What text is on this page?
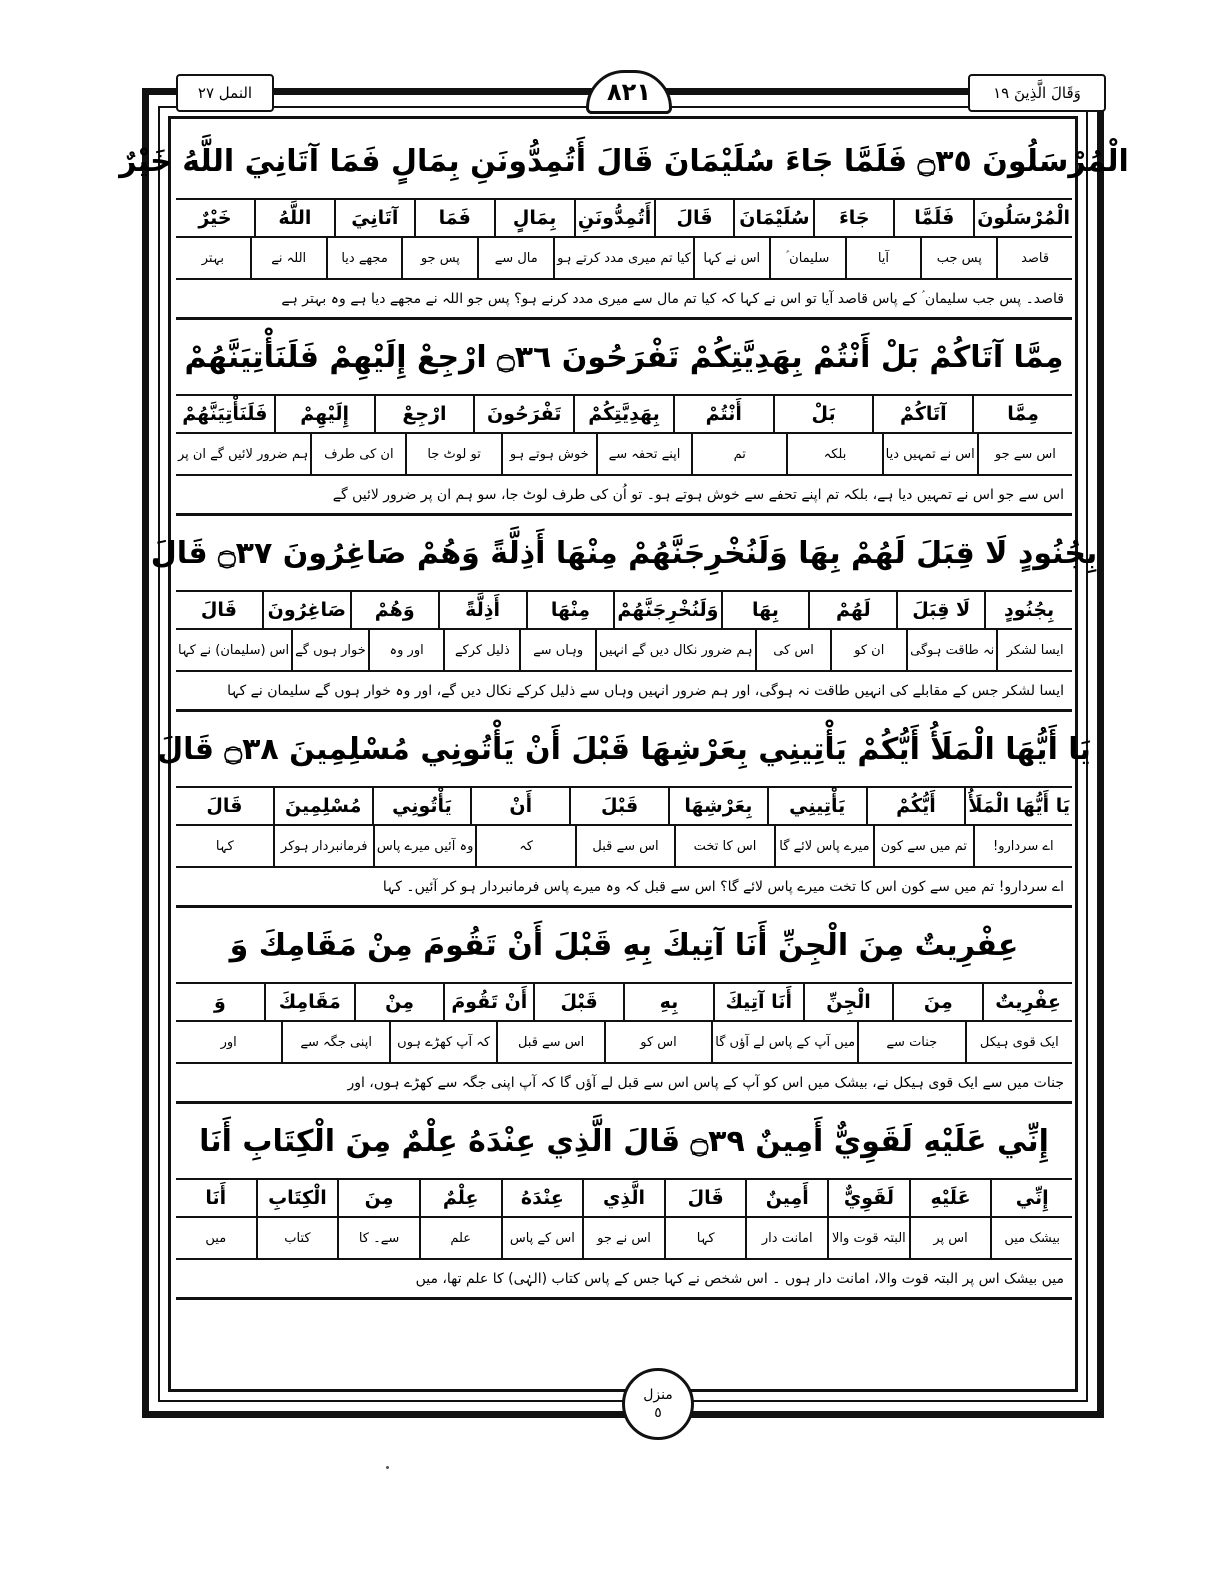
وَقَالَ الَّذِينَ ١٩
النمل ٢٧	٨٢١
الْمُرْسَلُونَ ۝٣٥ فَلَمَّا جَاءَ سُلَيْمَانَ قَالَ أَتُمِدُّونَنِ بِمَالٍ فَمَا آتَانِيَ اللَّهُ خَيْرٌ
الْمُرْسَلُونَ
فَلَمَّا
جَاءَ
سُلَيْمَانَ
قَالَ
أَتُمِدُّونَنِ
بِمَالٍ
فَمَا
آتَانِيَ
اللَّهُ
خَيْرٌ
قاصد
پس جب
آیا
سلیمان ؑ
اس نے کہا
کیا تم میری مدد کرتے ہو
مال سے
پس جو
مجھے دیا
اللہ نے
بہتر
قاصد۔ پس جب سلیمان ؑ کے پاس قاصد آیا تو اس نے کہا کہ کیا تم مال سے میری مدد کرنے ہو؟ پس جو اللہ نے مجھے دیا ہے وہ بہتر ہے
مِمَّا آتَاكُمْ بَلْ أَنْتُمْ بِهَدِيَّتِكُمْ تَفْرَحُونَ ۝٣٦ ارْجِعْ إِلَيْهِمْ فَلَنَأْتِيَنَّهُمْ
مِمَّا
آتَاكُمْ
بَلْ
أَنْتُمْ
بِهَدِيَّتِكُمْ
تَفْرَحُونَ
ارْجِعْ
إِلَيْهِمْ
فَلَنَأْتِيَنَّهُمْ
اس سے جو
اس نے تمہیں دیا
بلکہ
تم
اپنے تحفہ سے
خوش ہوتے ہو
تو لوٹ جا
ان کی طرف
ہم ضرور لائیں گے ان پر
اس سے جو اس نے تمہیں دیا ہے، بلکہ تم اپنے تحفے سے خوش ہوتے ہو۔ تو اُن کی طرف لوٹ جا، سو ہم ان پر ضرور لائیں گے
بِجُنُودٍ لَا قِبَلَ لَهُمْ بِهَا وَلَنُخْرِجَنَّهُمْ مِنْهَا أَذِلَّةً وَهُمْ صَاغِرُونَ ۝٣٧ قَالَ
بِجُنُودٍ
لَا قِبَلَ
لَهُمْ
بِهَا
وَلَنُخْرِجَنَّهُمْ
مِنْهَا
أَذِلَّةً
وَهُمْ
صَاغِرُونَ
قَالَ
ایسا لشکر
نہ طاقت ہوگی
ان کو
اس کی
ہم ضرور نکال دیں گے انہیں
وہاں سے
ذلیل کرکے
اور وہ
خوار ہوں گے
اس (سلیمان) نے کہا
ایسا لشکر جس کے مقابلے کی انہیں طاقت نہ ہوگی، اور ہم ضرور انہیں وہاں سے ذلیل کرکے نکال دیں گے، اور وہ خوار ہوں گے سلیمان نے کہا
يَا أَيُّهَا الْمَلَأُ أَيُّكُمْ يَأْتِينِي بِعَرْشِهَا قَبْلَ أَنْ يَأْتُونِي مُسْلِمِينَ ۝٣٨ قَالَ
يَا أَيُّهَا الْمَلَأُ
أَيُّكُمْ
يَأْتِينِي
بِعَرْشِهَا
قَبْلَ
أَنْ
يَأْتُونِي
مُسْلِمِينَ
قَالَ
اے سردارو!
تم میں سے کون
میرے پاس لائے گا
اس کا تخت
اس سے قبل
کہ
وہ آئیں میرے پاس
فرمانبردار ہوکر
کہا
اے سردارو! تم میں سے کون اس کا تخت میرے پاس لائے گا؟ اس سے قبل کہ وہ میرے پاس فرمانبردار ہو کر آئیں۔ کہا
عِفْرِيتٌ مِنَ الْجِنِّ أَنَا آتِيكَ بِهِ قَبْلَ أَنْ تَقُومَ مِنْ مَقَامِكَ وَ
عِفْرِيتٌ
مِنَ
الْجِنِّ
أَنَا آتِيكَ
بِهِ
قَبْلَ
أَنْ تَقُومَ
مِنْ
مَقَامِكَ
وَ
ایک قوی ہیکل
جنات سے
میں آپ کے پاس لے آؤں گا
اس کو
اس سے قبل
کہ آپ کھڑے ہوں
اپنی جگہ سے
اور
جنات میں سے ایک قوی ہیکل نے، بیشک میں اس کو آپ کے پاس اس سے قبل لے آؤں گا کہ آپ اپنی جگہ سے کھڑے ہوں، اور
إِنِّي عَلَيْهِ لَقَوِيٌّ أَمِينٌ ۝٣٩ قَالَ الَّذِي عِنْدَهُ عِلْمٌ مِنَ الْكِتَابِ أَنَا
إِنِّي
عَلَيْهِ
لَقَوِيٌّ
أَمِينٌ
قَالَ
الَّذِي
عِنْدَهُ
عِلْمٌ
مِنَ
الْكِتَابِ
أَنَا
بیشک میں
اس پر
البتہ قوت والا
امانت دار
کہا
اس نے جو
اس کے پاس
علم
سے۔ کا
کتاب
میں
میں بیشک اس پر البتہ قوت والا، امانت دار ہوں ۔ اس شخص نے کہا جس کے پاس کتاب (الہٰی) کا علم تھا، میں
منزل
٥
